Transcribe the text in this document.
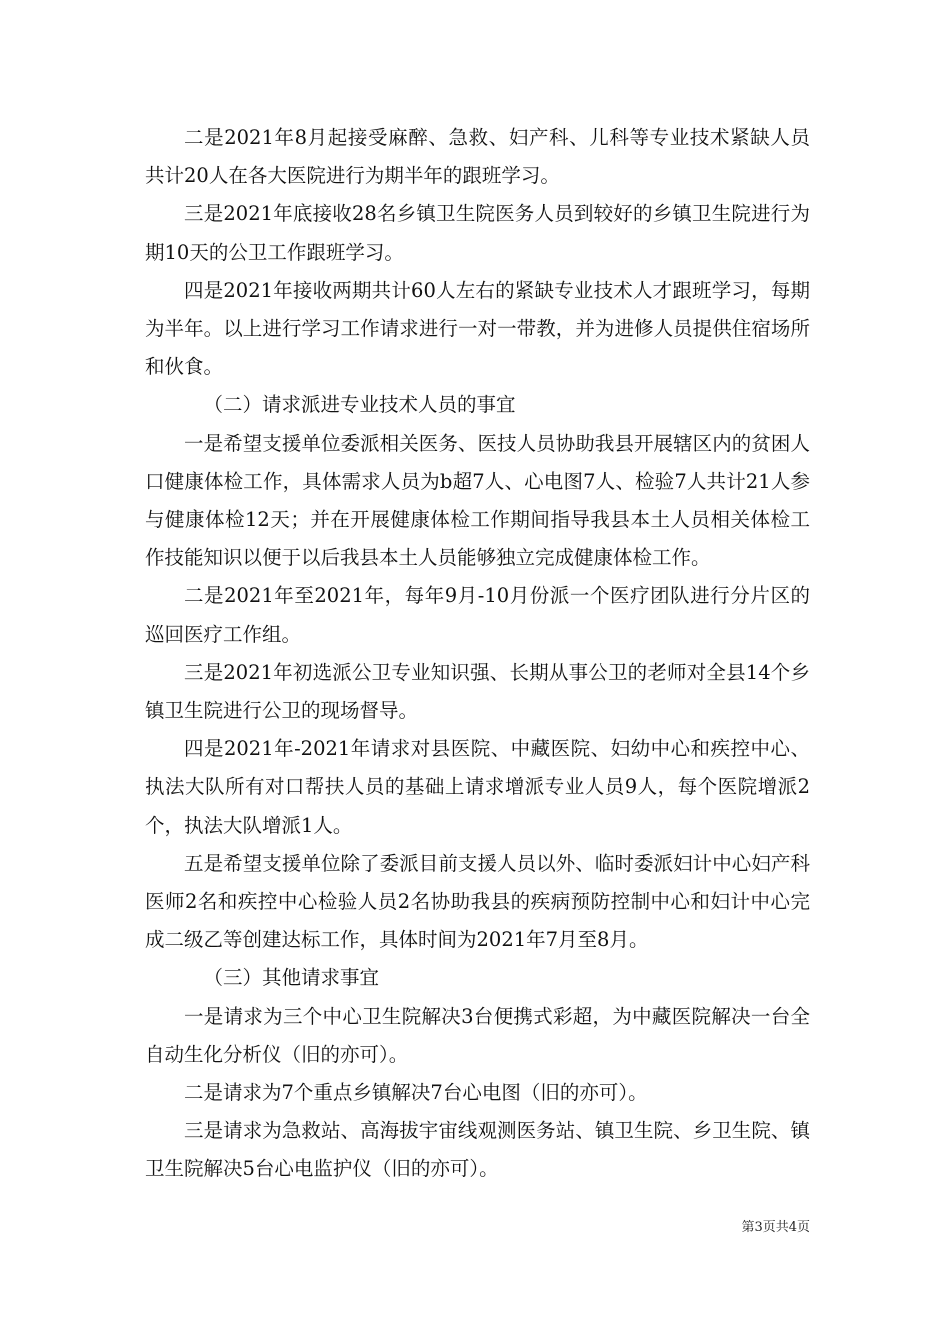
二是2021年8月起接受麻醉、急救、妇产科、儿科等专业技术紧缺人员共计20人在各大医院进行为期半年的跟班学习。

三是2021年底接收28名乡镇卫生院医务人员到较好的乡镇卫生院进行为期10天的公卫工作跟班学习。

四是2021年接收两期共计60人左右的紧缺专业技术人才跟班学习，每期为半年。以上进行学习工作请求进行一对一带教，并为进修人员提供住宿场所和伙食。

（二）请求派进专业技术人员的事宜

一是希望支援单位委派相关医务、医技人员协助我县开展辖区内的贫困人口健康体检工作，具体需求人员为b超7人、心电图7人、检验7人共计21人参与健康体检12天；并在开展健康体检工作期间指导我县本土人员相关体检工作技能知识以便于以后我县本土人员能够独立完成健康体检工作。

二是2021年至2021年，每年9月-10月份派一个医疗团队进行分片区的巡回医疗工作组。

三是2021年初选派公卫专业知识强、长期从事公卫的老师对全县14个乡镇卫生院进行公卫的现场督导。

四是2021年-2021年请求对县医院、中藏医院、妇幼中心和疾控中心、执法大队所有对口帮扶人员的基础上请求增派专业人员9人，每个医院增派2个，执法大队增派1人。

五是希望支援单位除了委派目前支援人员以外、临时委派妇计中心妇产科医师2名和疾控中心检验人员2名协助我县的疾病预防控制中心和妇计中心完成二级乙等创建达标工作，具体时间为2021年7月至8月。

（三）其他请求事宜

一是请求为三个中心卫生院解决3台便携式彩超，为中藏医院解决一台全自动生化分析仪（旧的亦可）。

二是请求为7个重点乡镇解决7台心电图（旧的亦可）。

三是请求为急救站、高海拔宇宙线观测医务站、镇卫生院、乡卫生院、镇卫生院解决5台心电监护仪（旧的亦可）。

第3页共4页
